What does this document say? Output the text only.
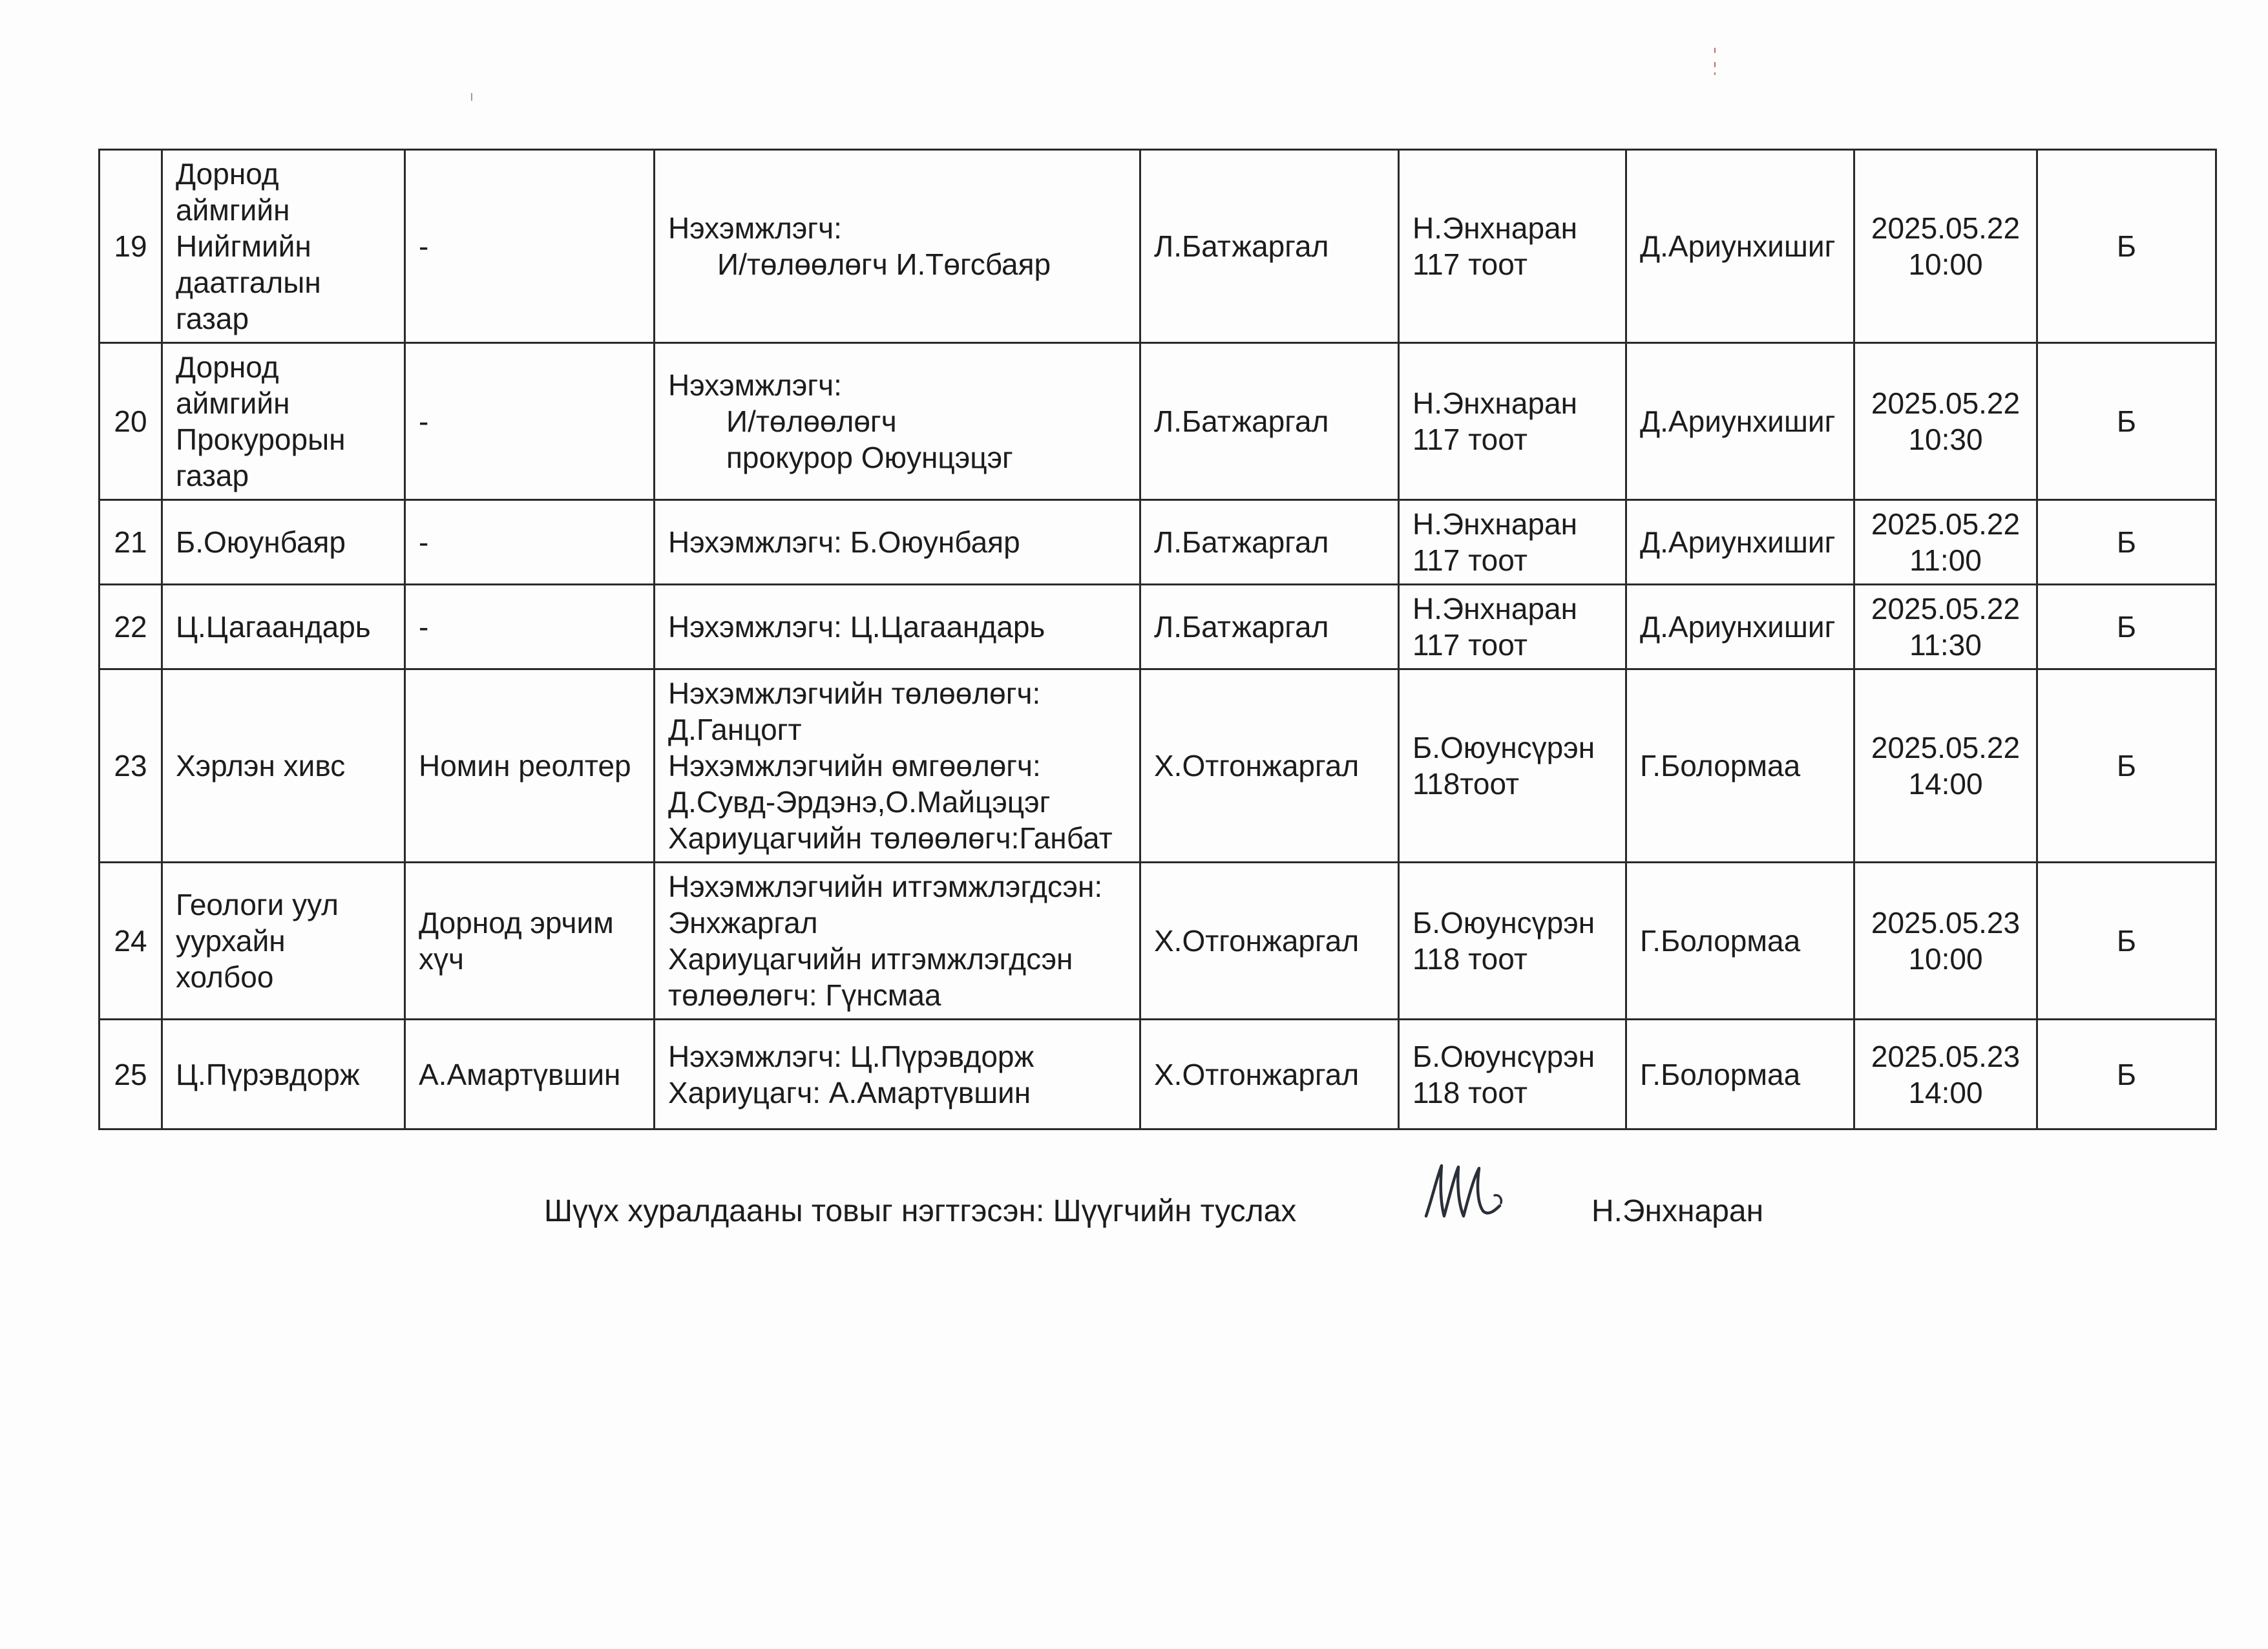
19	Дорнод
аймгийн
Нийгмийн
даатгалын
газар	-	Нэхэмжлэгч:
И/төлөөлөгч И.Төгсбаяр	Л.Батжаргал	Н.Энхнаран
117 тоот	Д.Ариунхишиг	2025.05.22
10:00	Б
20	Дорнод
аймгийн
Прокурорын
газар	-	Нэхэмжлэгч:
И/төлөөлөгч
прокурор Оюунцэцэг	Л.Батжаргал	Н.Энхнаран
117 тоот	Д.Ариунхишиг	2025.05.22
10:30	Б
21	Б.Оюунбаяр	-	Нэхэмжлэгч: Б.Оюунбаяр	Л.Батжаргал	Н.Энхнаран
117 тоот	Д.Ариунхишиг	2025.05.22
11:00	Б
22	Ц.Цагаандарь	-	Нэхэмжлэгч: Ц.Цагаандарь	Л.Батжаргал	Н.Энхнаран
117 тоот	Д.Ариунхишиг	2025.05.22
11:30	Б
23	Хэрлэн хивс	Номин реолтер	Нэхэмжлэгчийн төлөөлөгч:
Д.Ганцогт
Нэхэмжлэгчийн өмгөөлөгч:
Д.Сувд-Эрдэнэ,О.Майцэцэг
Хариуцагчийн төлөөлөгч:Ганбат	Х.Отгонжаргал	Б.Оюунсүрэн
118тоот	Г.Болормаа	2025.05.22
14:00	Б
24	Геологи уул
уурхайн
холбоо	Дорнод эрчим
хүч	Нэхэмжлэгчийн итгэмжлэгдсэн:
Энхжаргал
Хариуцагчийн итгэмжлэгдсэн
төлөөлөгч: Гүнсмаа	Х.Отгонжаргал	Б.Оюунсүрэн
118 тоот	Г.Болормаа	2025.05.23
10:00	Б
25	Ц.Пүрэвдорж	А.Амартүвшин	Нэхэмжлэгч: Ц.Пүрэвдорж
Хариуцагч: А.Амартүвшин	Х.Отгонжаргал	Б.Оюунсүрэн
118 тоот	Г.Болормаа	2025.05.23
14:00	Б
Шүүх хуралдааны товыг нэгтгэсэн: Шүүгчийн туслах	Н.Энхнаран
